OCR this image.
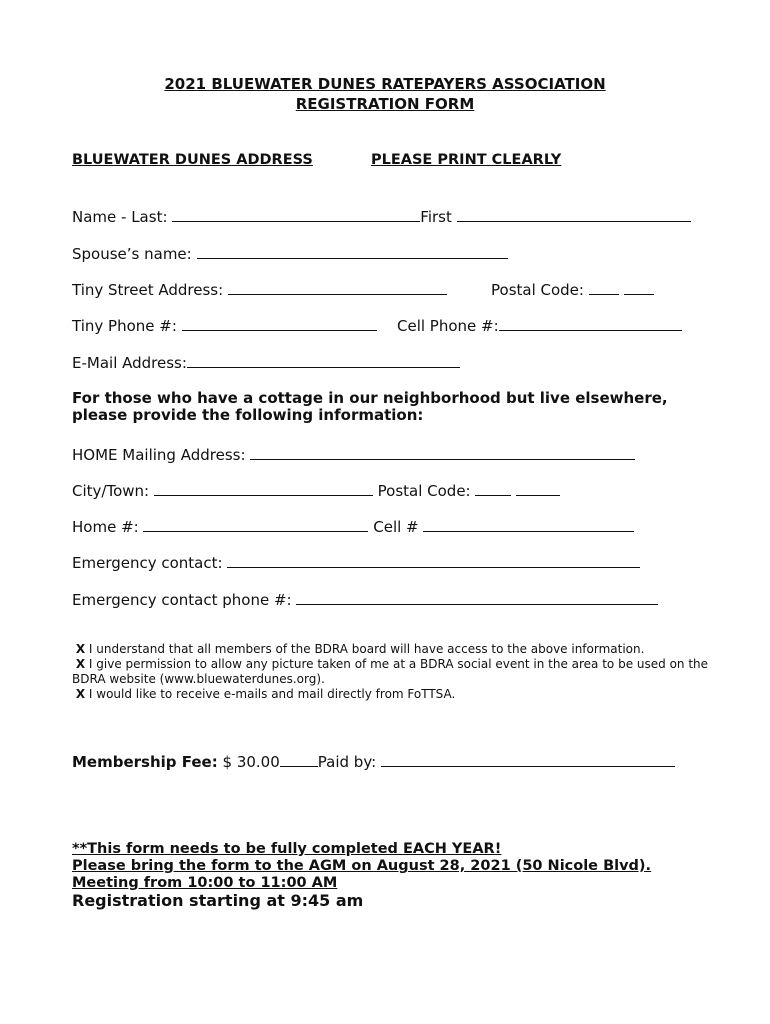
2021 BLUEWATER DUNES RATEPAYERS ASSOCIATION
REGISTRATION FORM
BLUEWATER DUNES ADDRESS	PLEASE PRINT CLEARLY
Name - Last:	First
Spouse’s name:
Tiny Street Address:	Postal Code:
Tiny Phone #:	Cell Phone #:
E-Mail Address:
For those who have a cottage in our neighborhood but live elsewhere,
please provide the following information:
HOME Mailing Address:
City/Town:	Postal Code:
Home #:	Cell #
Emergency contact:
Emergency contact phone #:
X I understand that all members of the BDRA board will have access to the above information.
X I give permission to allow any picture taken of me at a BDRA social event in the area to be used on the BDRA website (www.bluewaterdunes.org).
X I would like to receive e-mails and mail directly from FoTTSA.
Membership Fee: $ 30.00	Paid by:
**This form needs to be fully completed EACH YEAR!
Please bring the form to the AGM on August 28, 2021 (50 Nicole Blvd).
Meeting from 10:00 to 11:00 AM
Registration starting at 9:45 am
